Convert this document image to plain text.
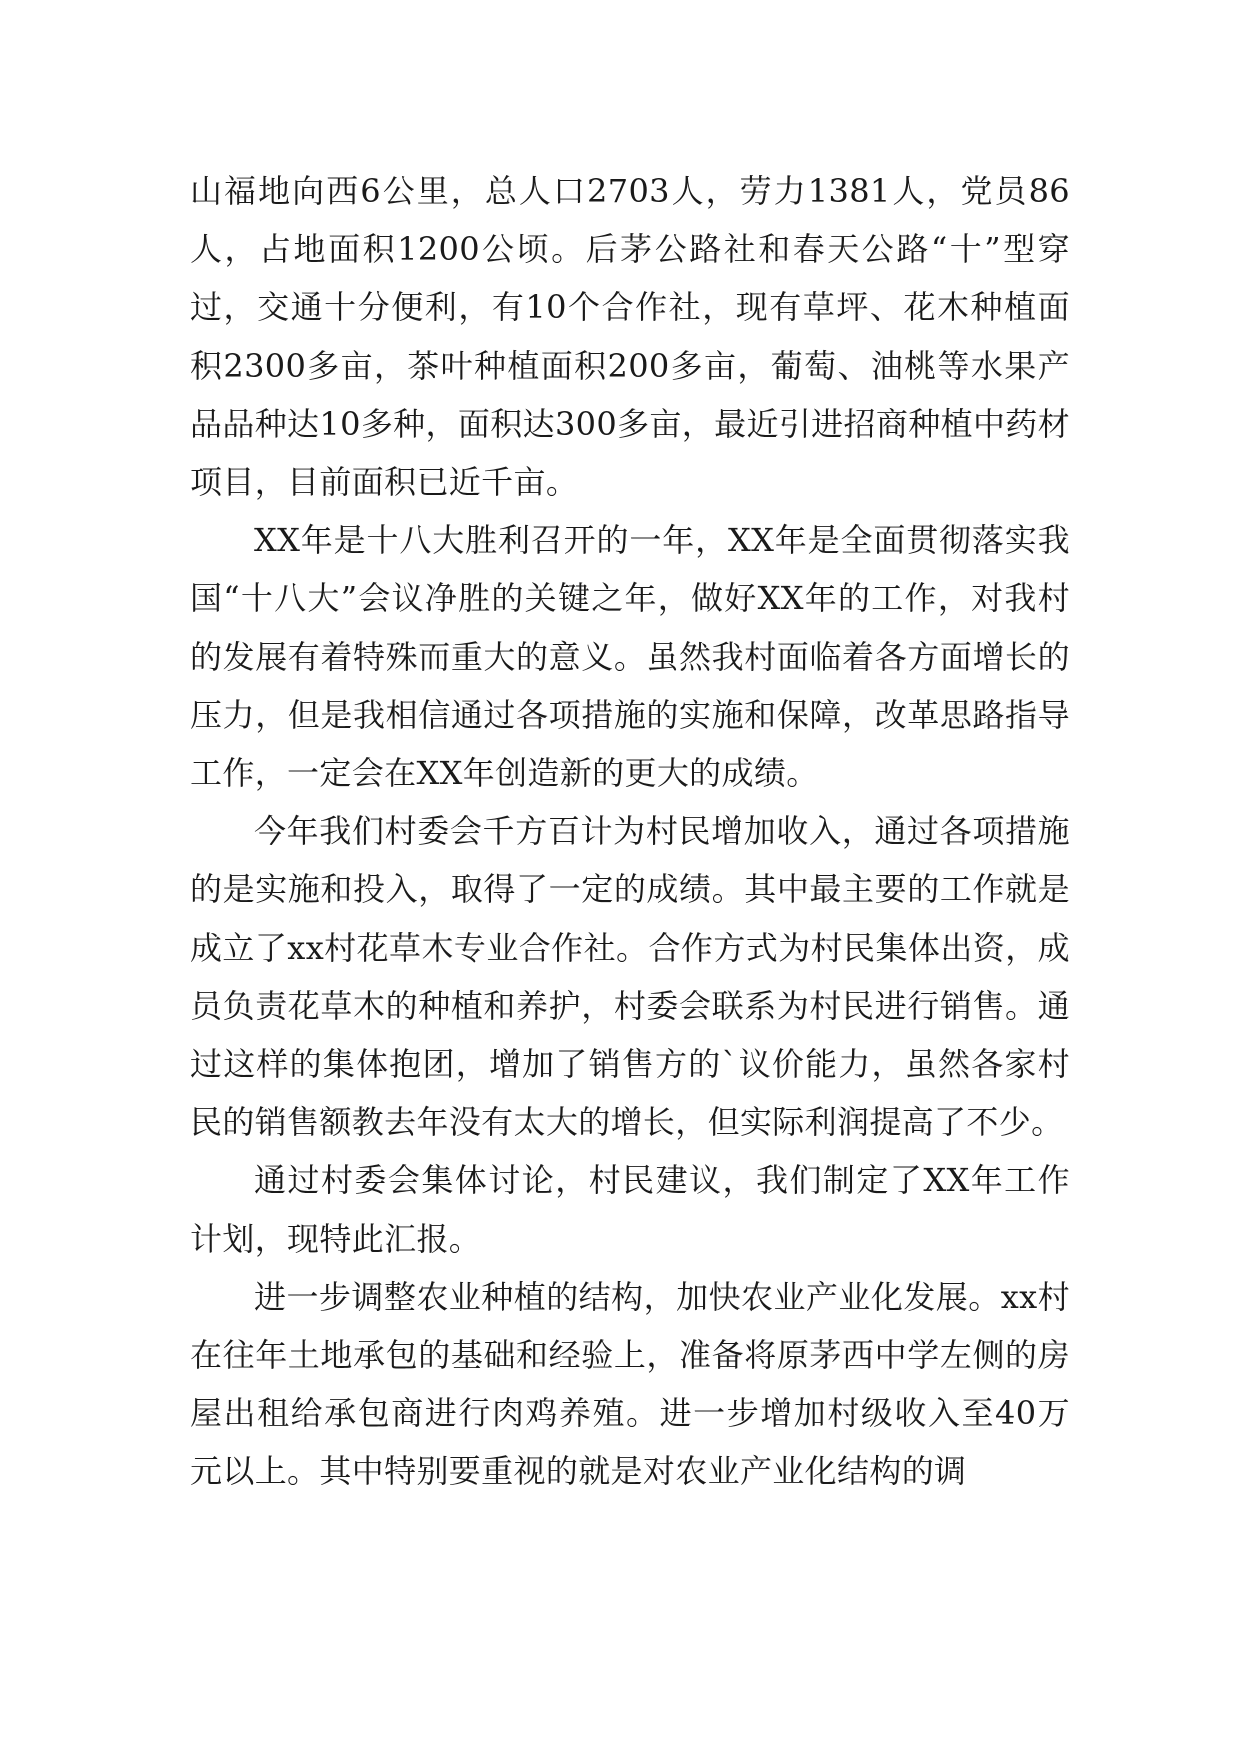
山福地向西6公里，总人口2703人，劳力1381人，党员86人，占地面积1200公顷。后茅公路社和春天公路“十”型穿过，交通十分便利，有10个合作社，现有草坪、花木种植面积2300多亩，茶叶种植面积200多亩，葡萄、油桃等水果产品品种达10多种，面积达300多亩，最近引进招商种植中药材项目，目前面积已近千亩。

XX年是十八大胜利召开的一年，XX年是全面贯彻落实我国“十八大”会议净胜的关键之年，做好XX年的工作，对我村的发展有着特殊而重大的意义。虽然我村面临着各方面增长的压力，但是我相信通过各项措施的实施和保障，改革思路指导工作，一定会在XX年创造新的更大的成绩。

今年我们村委会千方百计为村民增加收入，通过各项措施的是实施和投入，取得了一定的成绩。其中最主要的工作就是成立了xx村花草木专业合作社。合作方式为村民集体出资，成员负责花草木的种植和养护，村委会联系为村民进行销售。通过这样的集体抱团，增加了销售方的`议价能力，虽然各家村民的销售额教去年没有太大的增长，但实际利润提高了不少。

通过村委会集体讨论，村民建议，我们制定了XX年工作计划，现特此汇报。

进一步调整农业种植的结构，加快农业产业化发展。xx村在往年土地承包的基础和经验上，准备将原茅西中学左侧的房屋出租给承包商进行肉鸡养殖。进一步增加村级收入至40万元以上。其中特别要重视的就是对农业产业化结构的调
